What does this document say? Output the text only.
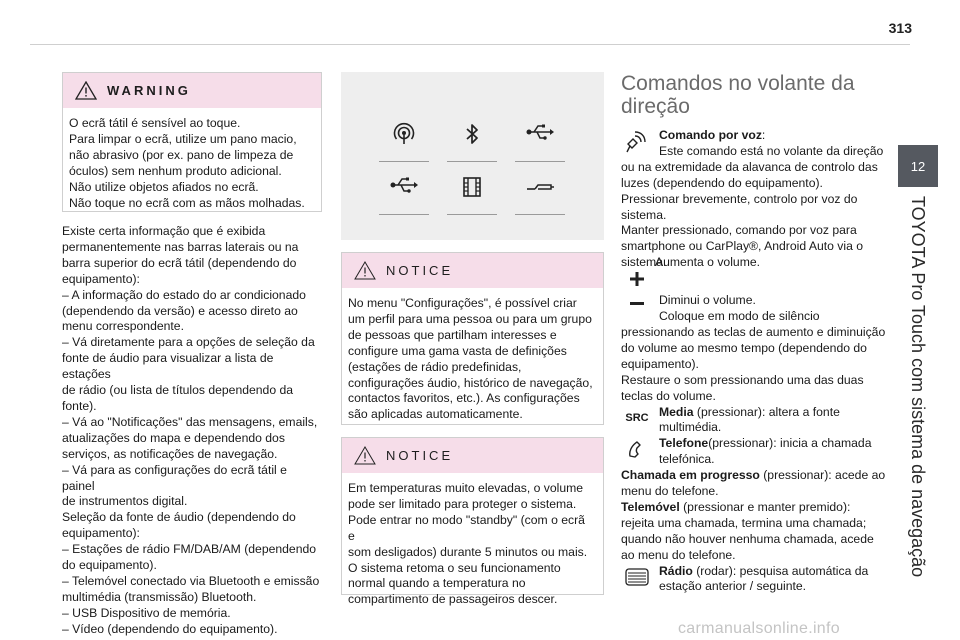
313
12
TOYOTA Pro Touch com sistema de navegação
WARNING
O ecrã tátil é sensível ao toque.
Para limpar o ecrã, utilize um pano macio,
não abrasivo (por ex. pano de limpeza de
óculos) sem nenhum produto adicional.
Não utilize objetos afiados no ecrã.
Não toque no ecrã com as mãos molhadas.
Existe certa informação que é exibida
permanentemente nas barras laterais ou na
barra superior do ecrã tátil (dependendo do
equipamento):
– A informação do estado do ar condicionado
(dependendo da versão) e acesso direto ao
menu correspondente.
– Vá diretamente para a opções de seleção da
fonte de áudio para visualizar a lista de estações
de rádio (ou lista de títulos dependendo da
fonte).
– Vá ao "Notificações" das mensagens, emails,
atualizações do mapa e dependendo dos
serviços, as notificações de navegação.
– Vá para as configurações do ecrã tátil e painel
de instrumentos digital.
Seleção da fonte de áudio (dependendo do
equipamento):
– Estações de rádio FM/DAB/AM (dependendo
do equipamento).
– Telemóvel conectado via Bluetooth e emissão
multimédia (transmissão) Bluetooth.
– USB Dispositivo de memória.
– Vídeo (dependendo do equipamento).
NOTICE
No menu "Configurações", é possível criar
um perfil para uma pessoa ou para um grupo
de pessoas que partilham interesses e
configure uma gama vasta de definições
(estações de rádio predefinidas,
configurações áudio, histórico de navegação,
contactos favoritos, etc.). As configurações
são aplicadas automaticamente.
NOTICE
Em temperaturas muito elevadas, o volume
pode ser limitado para proteger o sistema.
Pode entrar no modo "standby" (com o ecrã e
som desligados) durante 5 minutos ou mais.
O sistema retoma o seu funcionamento
normal quando a temperatura no
compartimento de passageiros descer.
Comandos no volante da
direção
Comando por voz:
Este comando está no volante da direção
ou na extremidade da alavanca de controlo das
luzes (dependendo do equipamento).
Pressionar brevemente, controlo por voz do
sistema.
Manter pressionado, comando por voz para
smartphone ou CarPlay®, Android Auto via o
sistema.
Aumenta o volume.
Diminui o volume.
Coloque em modo de silêncio
pressionando as teclas de aumento e diminuição
do volume ao mesmo tempo (dependendo do
equipamento).
Restaure o som pressionando uma das duas
teclas do volume.
SRC Media (pressionar): altera a fonte
multimédia.
Telefone(pressionar): inicia a chamada
telefónica.
Chamada em progresso (pressionar): acede ao
menu do telefone.
Telemóvel (pressionar e manter premido):
rejeita uma chamada, termina uma chamada;
quando não houver nenhuma chamada, acede
ao menu do telefone.
Rádio (rodar): pesquisa automática da
estação anterior / seguinte.
carmanualsonline.info
